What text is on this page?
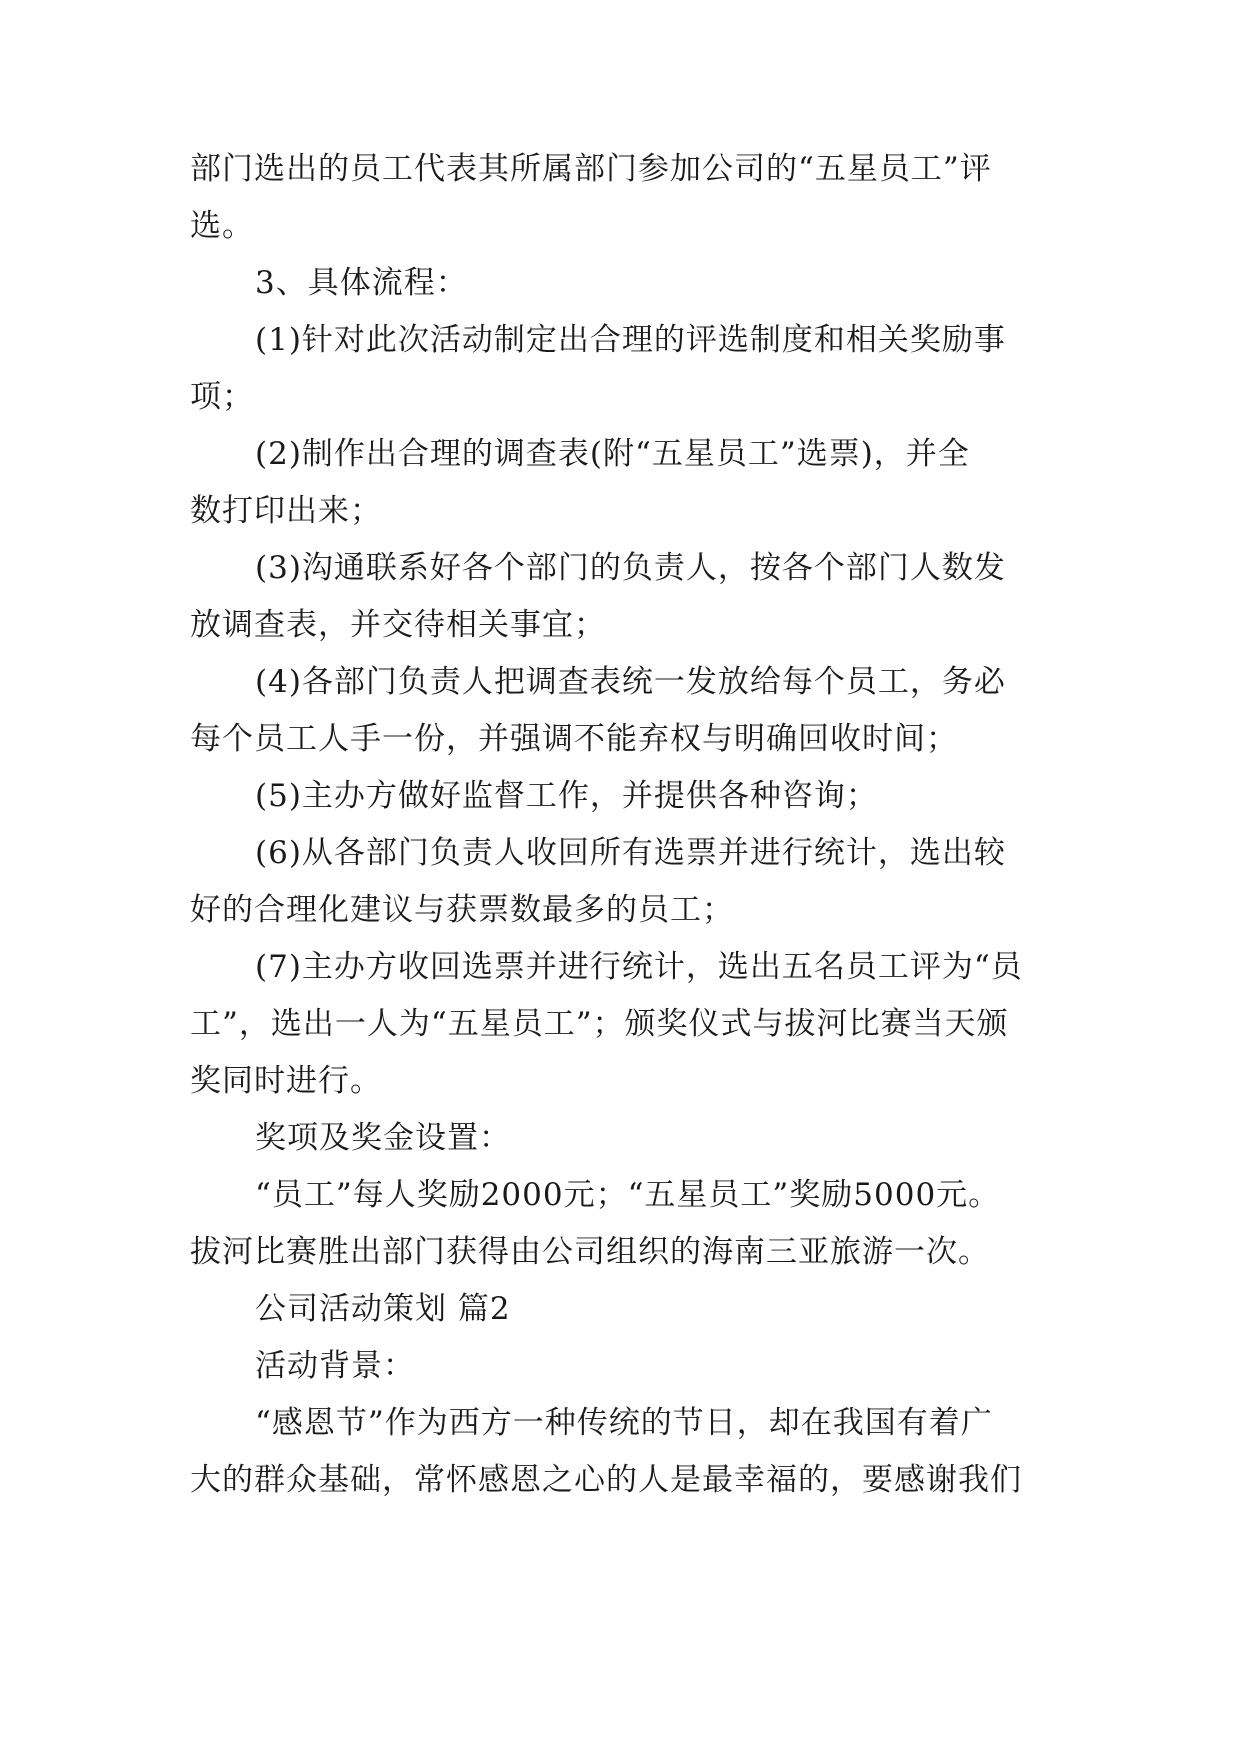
部门选出的员工代表其所属部门参加公司的“五星员工”评

选。

3、具体流程：

(1)针对此次活动制定出合理的评选制度和相关奖励事

项；

(2)制作出合理的调查表(附“五星员工”选票)，并全

数打印出来；

(3)沟通联系好各个部门的负责人，按各个部门人数发

放调查表，并交待相关事宜；

(4)各部门负责人把调查表统一发放给每个员工，务必

每个员工人手一份，并强调不能弃权与明确回收时间；

(5)主办方做好监督工作，并提供各种咨询；

(6)从各部门负责人收回所有选票并进行统计，选出较

好的合理化建议与获票数最多的员工；

(7)主办方收回选票并进行统计，选出五名员工评为“员

工”，选出一人为“五星员工”；颁奖仪式与拔河比赛当天颁

奖同时进行。

奖项及奖金设置：

“员工”每人奖励2000元；“五星员工”奖励5000元。

拔河比赛胜出部门获得由公司组织的海南三亚旅游一次。

公司活动策划 篇2

活动背景：

“感恩节”作为西方一种传统的节日，却在我国有着广

大的群众基础，常怀感恩之心的人是最幸福的，要感谢我们
